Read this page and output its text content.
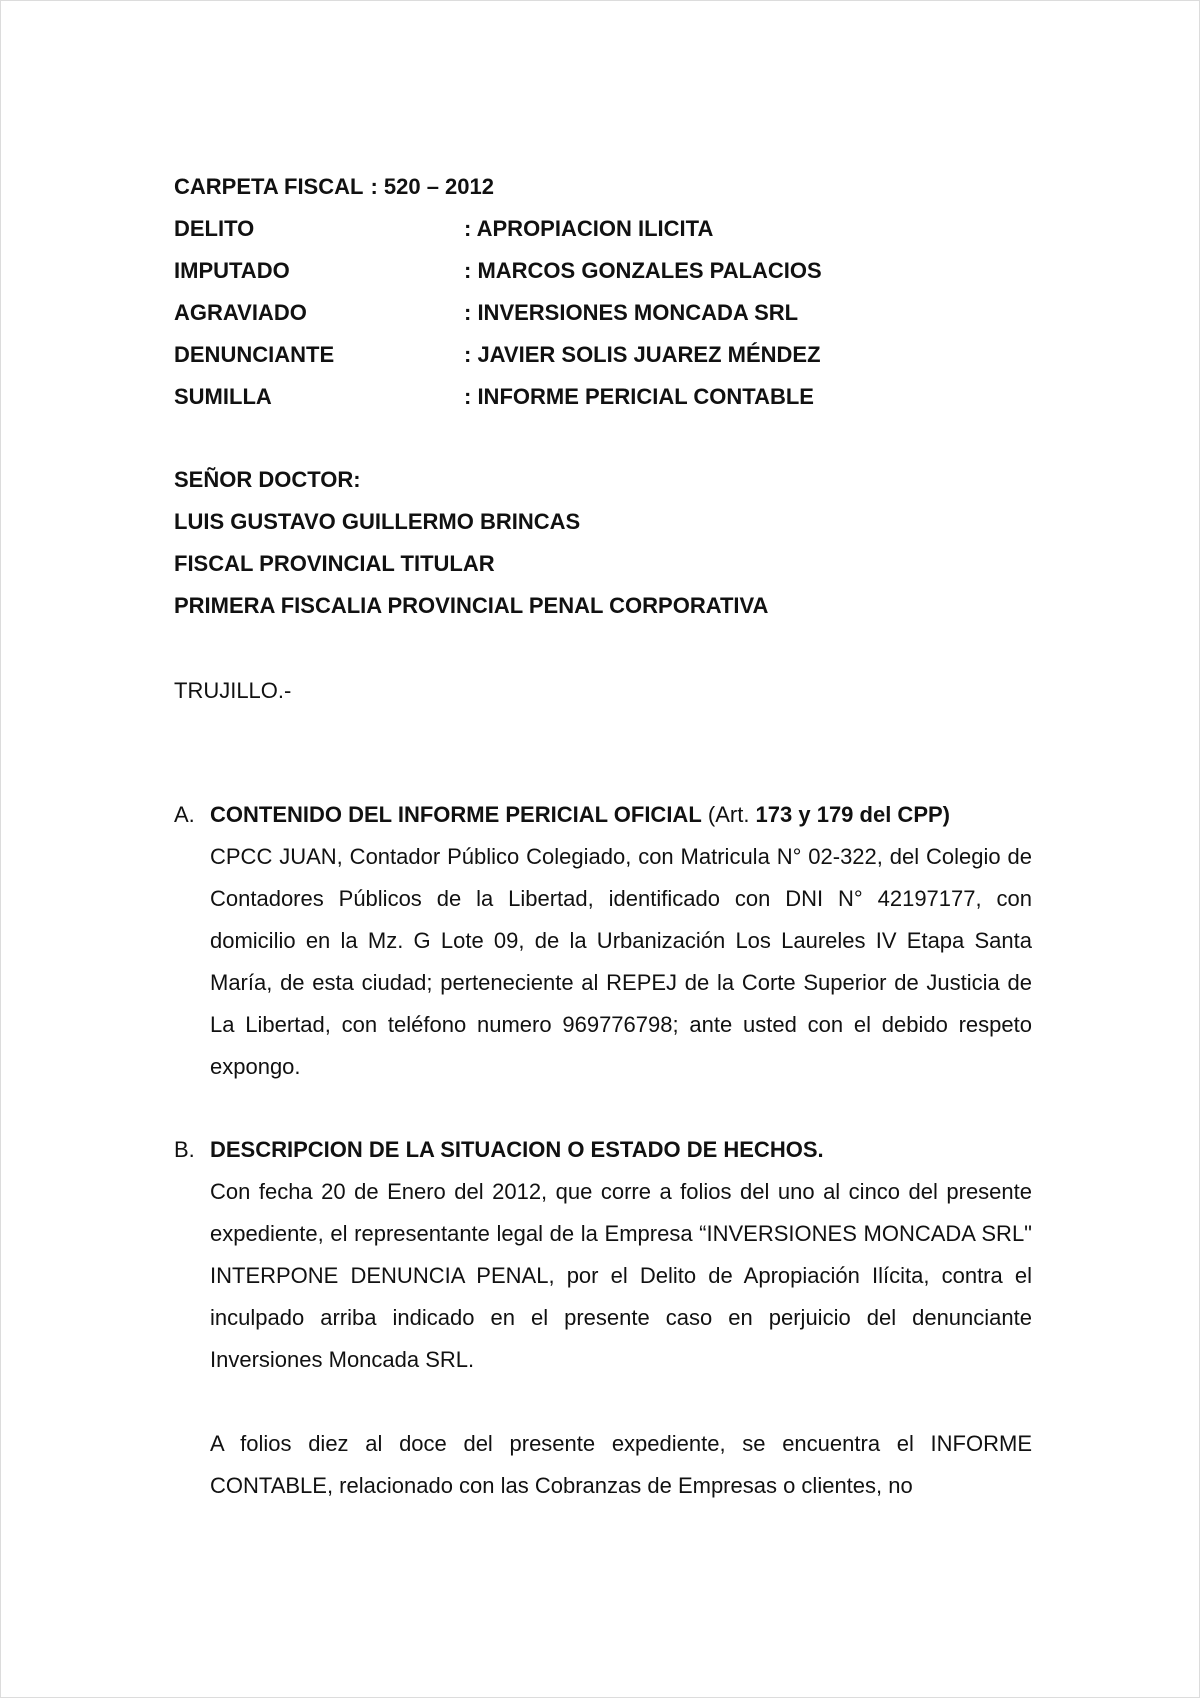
CARPETA FISCAL : 520 – 2012
DELITO	: APROPIACION ILICITA
IMPUTADO	: MARCOS GONZALES PALACIOS
AGRAVIADO	: INVERSIONES MONCADA SRL
DENUNCIANTE	: JAVIER SOLIS JUAREZ MÉNDEZ
SUMILLA	: INFORME PERICIAL CONTABLE
SEÑOR DOCTOR:
LUIS GUSTAVO GUILLERMO BRINCAS
FISCAL PROVINCIAL TITULAR
PRIMERA FISCALIA PROVINCIAL PENAL CORPORATIVA
TRUJILLO.-
A. CONTENIDO DEL INFORME PERICIAL OFICIAL (Art. 173 y 179 del CPP)
CPCC JUAN, Contador Público Colegiado, con Matricula N° 02-322, del Colegio de Contadores Públicos de la Libertad, identificado con DNI N° 42197177, con domicilio en la Mz. G Lote 09, de la Urbanización Los Laureles IV Etapa Santa María, de esta ciudad; perteneciente al REPEJ de la Corte Superior de Justicia de La Libertad, con teléfono numero 969776798; ante usted con el debido respeto expongo.
B. DESCRIPCION DE LA SITUACION O ESTADO DE HECHOS.
Con fecha 20 de Enero del 2012, que corre a folios del uno al cinco del presente expediente, el representante legal de la Empresa “INVERSIONES MONCADA SRL" INTERPONE DENUNCIA PENAL, por el Delito de Apropiación Ilícita, contra el inculpado arriba indicado en el presente caso en perjuicio del denunciante Inversiones Moncada SRL.
A folios diez al doce del presente expediente, se encuentra el INFORME CONTABLE, relacionado con las Cobranzas de Empresas o clientes, no
